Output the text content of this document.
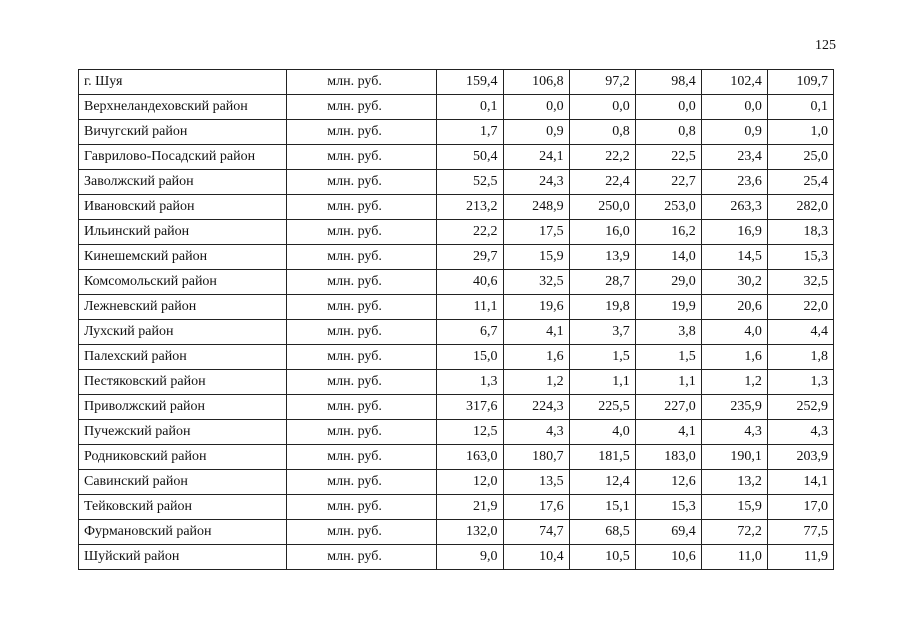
125
г. Шуя	млн. руб.	159,4	106,8	97,2	98,4	102,4	109,7
Верхнеландеховский район	млн. руб.	0,1	0,0	0,0	0,0	0,0	0,1
Вичугский район	млн. руб.	1,7	0,9	0,8	0,8	0,9	1,0
Гаврилово-Посадский район	млн. руб.	50,4	24,1	22,2	22,5	23,4	25,0
Заволжский район	млн. руб.	52,5	24,3	22,4	22,7	23,6	25,4
Ивановский район	млн. руб.	213,2	248,9	250,0	253,0	263,3	282,0
Ильинский район	млн. руб.	22,2	17,5	16,0	16,2	16,9	18,3
Кинешемский район	млн. руб.	29,7	15,9	13,9	14,0	14,5	15,3
Комсомольский район	млн. руб.	40,6	32,5	28,7	29,0	30,2	32,5
Лежневский район	млн. руб.	11,1	19,6	19,8	19,9	20,6	22,0
Лухский район	млн. руб.	6,7	4,1	3,7	3,8	4,0	4,4
Палехский район	млн. руб.	15,0	1,6	1,5	1,5	1,6	1,8
Пестяковский район	млн. руб.	1,3	1,2	1,1	1,1	1,2	1,3
Приволжский район	млн. руб.	317,6	224,3	225,5	227,0	235,9	252,9
Пучежский район	млн. руб.	12,5	4,3	4,0	4,1	4,3	4,3
Родниковский район	млн. руб.	163,0	180,7	181,5	183,0	190,1	203,9
Савинский район	млн. руб.	12,0	13,5	12,4	12,6	13,2	14,1
Тейковский район	млн. руб.	21,9	17,6	15,1	15,3	15,9	17,0
Фурмановский район	млн. руб.	132,0	74,7	68,5	69,4	72,2	77,5
Шуйский район	млн. руб.	9,0	10,4	10,5	10,6	11,0	11,9
